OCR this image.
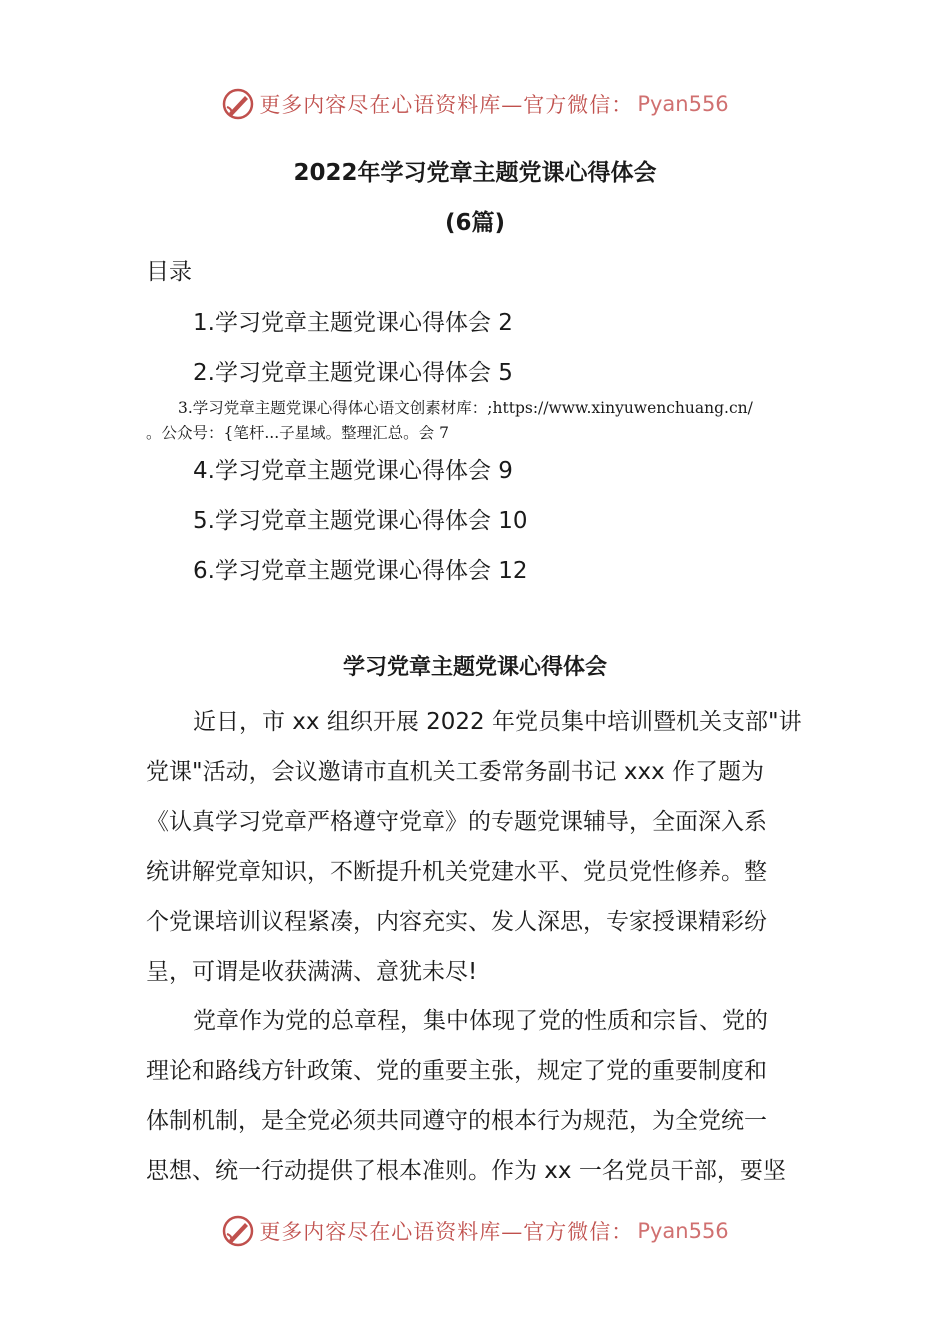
更多内容尽在心语资料库—官方微信： Pyan556
2022年学习党章主题党课心得体会
(6篇)
目录
1.学习党章主题党课心得体会 2
2.学习党章主题党课心得体会 5
3.学习党章主题党课心得体心语文创素材库：;https://www.xinyuwenchuang.cn/
。公众号：{笔杆...子星域。整理汇总。会 7
4.学习党章主题党课心得体会 9
5.学习党章主题党课心得体会 10
6.学习党章主题党课心得体会 12
学习党章主题党课心得体会
近日，市 xx 组织开展 2022 年党员集中培训暨机关支部"讲
党课"活动，会议邀请市直机关工委常务副书记 xxx 作了题为
《认真学习党章严格遵守党章》的专题党课辅导，全面深入系
统讲解党章知识，不断提升机关党建水平、党员党性修养。整
个党课培训议程紧凑，内容充实、发人深思，专家授课精彩纷
呈，可谓是收获满满、意犹未尽!
党章作为党的总章程，集中体现了党的性质和宗旨、党的
理论和路线方针政策、党的重要主张，规定了党的重要制度和
体制机制，是全党必须共同遵守的根本行为规范，为全党统一
思想、统一行动提供了根本准则。作为 xx 一名党员干部，要坚
更多内容尽在心语资料库—官方微信： Pyan556
